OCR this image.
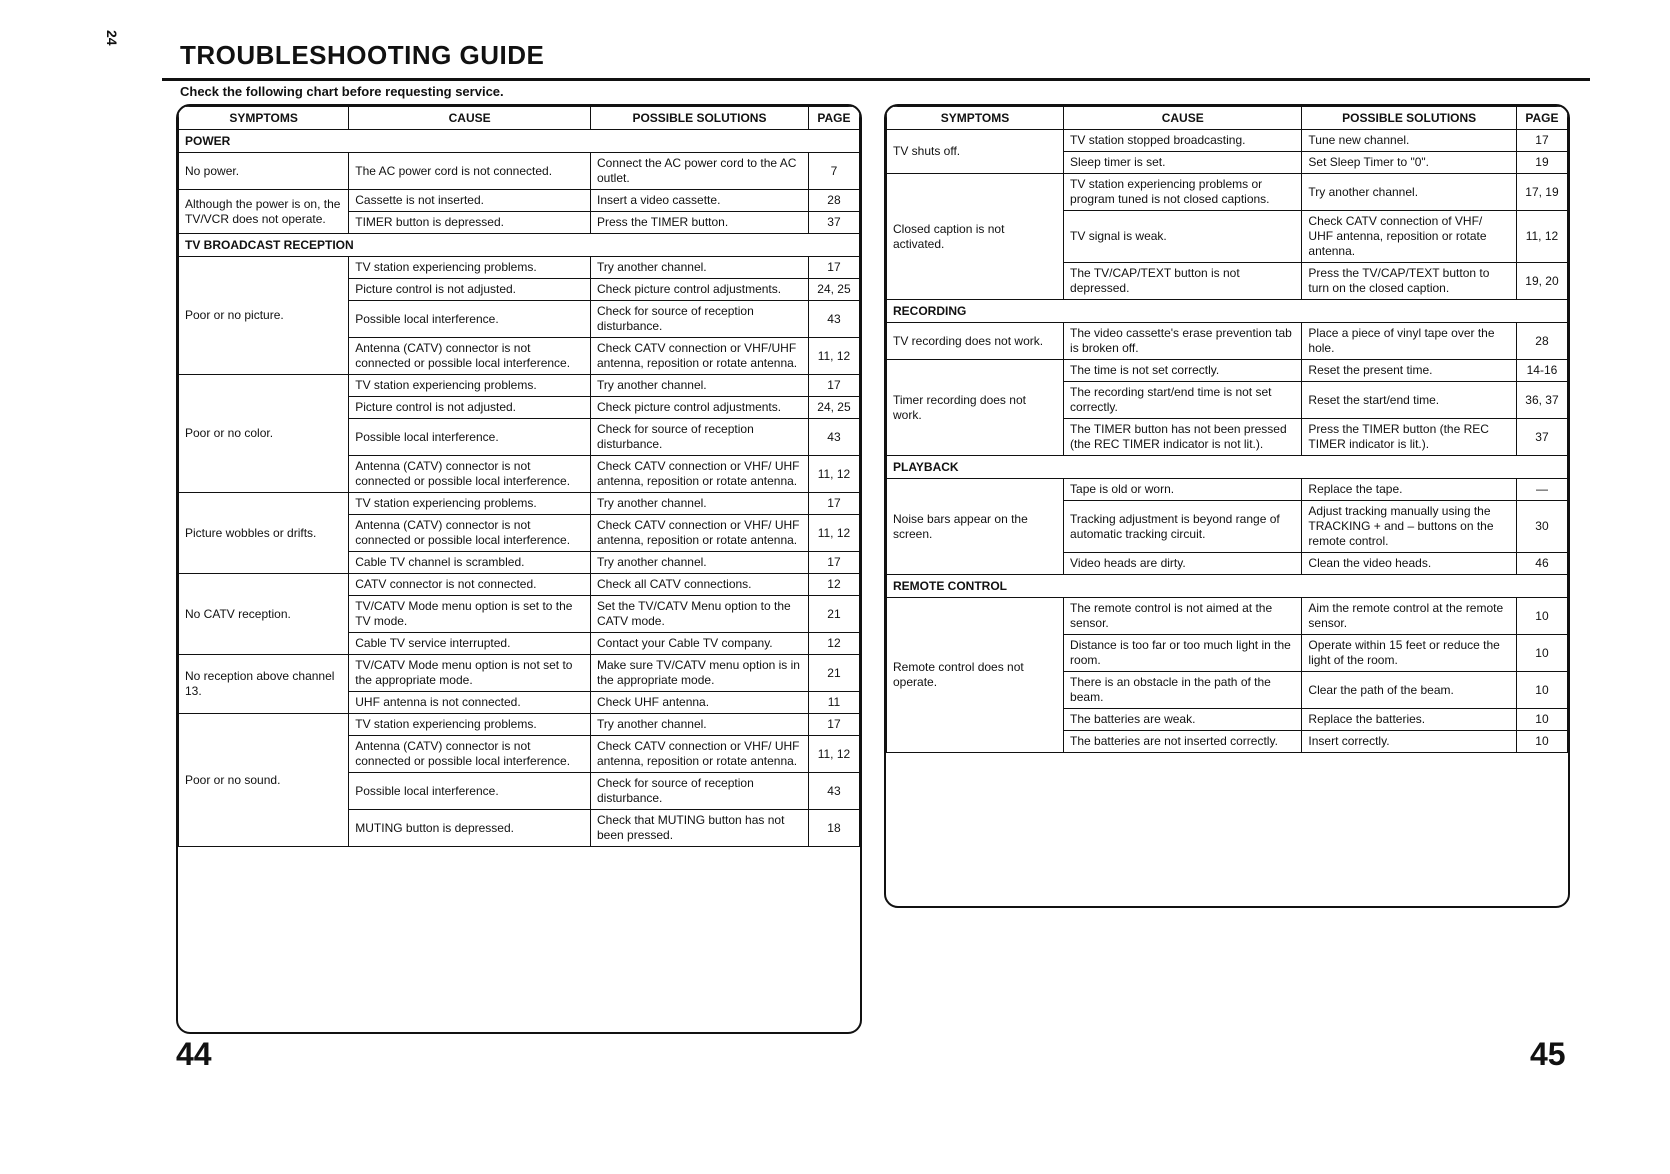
24
TROUBLESHOOTING GUIDE
Check the following chart before requesting service.
SYMPTOMS	CAUSE	POSSIBLE SOLUTIONS	PAGE
POWER			
No power.	The AC power cord is not connected.	Connect the AC power cord to the AC outlet.	7
Although the power is on, the TV/VCR does not operate.	Cassette is not inserted.	Insert a video cassette.	28
	TIMER button is depressed.	Press the TIMER button.	37
TV BROADCAST RECEPTION			
Poor or no picture.	TV station experiencing problems.	Try another channel.	17
	Picture control is not adjusted.	Check picture control adjustments.	24, 25
	Possible local interference.	Check for source of reception disturbance.	43
	Antenna (CATV) connector is not connected or possible local interference.	Check CATV connection or VHF/UHF antenna, reposition or rotate antenna.	11, 12
Poor or no color.	TV station experiencing problems.	Try another channel.	17
	Picture control is not adjusted.	Check picture control adjustments.	24, 25
	Possible local interference.	Check for source of reception disturbance.	43
	Antenna (CATV) connector is not connected or possible local interference.	Check CATV connection or VHF/ UHF antenna, reposition or rotate antenna.	11, 12
Picture wobbles or drifts.	TV station experiencing problems.	Try another channel.	17
	Antenna (CATV) connector is not connected or possible local interference.	Check CATV connection or VHF/ UHF antenna, reposition or rotate antenna.	11, 12
	Cable TV channel is scrambled.	Try another channel.	17
No CATV reception.	CATV connector is not connected.	Check all CATV connections.	12
	TV/CATV Mode menu option is set to the TV mode.	Set the TV/CATV Menu option to the CATV mode.	21
	Cable TV service interrupted.	Contact your Cable TV company.	12
No reception above channel 13.	TV/CATV Mode menu option is not set to the appropriate mode.	Make sure TV/CATV menu option is in the appropriate mode.	21
	UHF antenna is not connected.	Check UHF antenna.	11
Poor or no sound.	TV station experiencing problems.	Try another channel.	17
	Antenna (CATV) connector is not connected or possible local interference.	Check CATV connection or VHF/ UHF antenna, reposition or rotate antenna.	11, 12
	Possible local interference.	Check for source of reception disturbance.	43
	MUTING button is depressed.	Check that MUTING button has not been pressed.	18
SYMPTOMS	CAUSE	POSSIBLE SOLUTIONS	PAGE
TV shuts off.	TV station stopped broadcasting.	Tune new channel.	17
	Sleep timer is set.	Set Sleep Timer to "0".	19
Closed caption is not activated.	TV station experiencing problems or program tuned is not closed captions.	Try another channel.	17, 19
	TV signal is weak.	Check CATV connection of VHF/ UHF antenna, reposition or rotate antenna.	11, 12
	The TV/CAP/TEXT button is not depressed.	Press the TV/CAP/TEXT button to turn on the closed caption.	19, 20
RECORDING			
TV recording does not work.	The video cassette's erase prevention tab is broken off.	Place a piece of vinyl tape over the hole.	28
Timer recording does not work.	The time is not set correctly.	Reset the present time.	14-16
	The recording start/end time is not set correctly.	Reset the start/end time.	36, 37
	The TIMER button has not been pressed (the REC TIMER indicator is not lit.).	Press the TIMER button (the REC TIMER indicator is lit.).	37
PLAYBACK			
Noise bars appear on the screen.	Tape is old or worn.	Replace the tape.	—
	Tracking adjustment is beyond range of automatic tracking circuit.	Adjust tracking manually using the TRACKING + and – buttons on the remote control.	30
	Video heads are dirty.	Clean the video heads.	46
REMOTE CONTROL			
Remote control does not operate.	The remote control is not aimed at the sensor.	Aim the remote control at the remote sensor.	10
	Distance is too far or too much light in the room.	Operate within 15 feet or reduce the light of the room.	10
	There is an obstacle in the path of the beam.	Clear the path of the beam.	10
	The batteries are weak.	Replace the batteries.	10
	The batteries are not inserted correctly.	Insert correctly.	10
44	45
